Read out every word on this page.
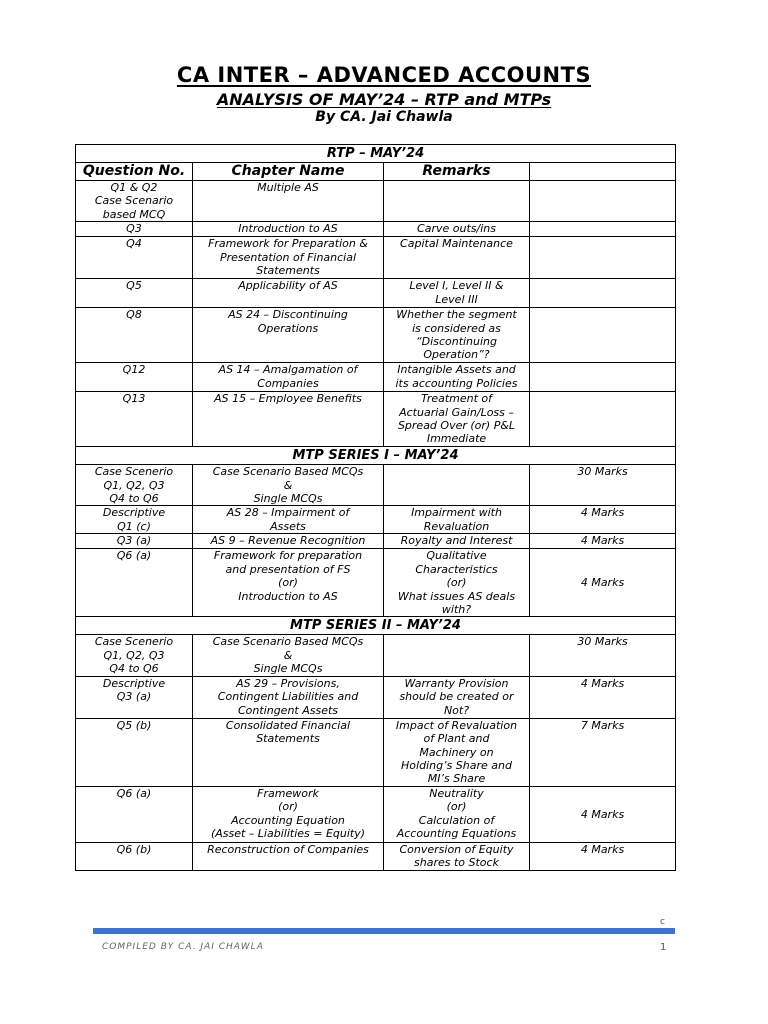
CA INTER – ADVANCED ACCOUNTS
ANALYSIS OF MAY’24 – RTP and MTPs
By CA. Jai Chawla
RTP – MAY’24			
Question No.	Chapter Name	Remarks	

Q1 & Q2
Case Scenario
based MCQ	Multiple AS		

Q3	Introduction to AS	Carve outs/ins	

Q4	Framework for Preparation &
Presentation of Financial
Statements	Capital Maintenance	

Q5	Applicability of AS	Level I, Level II &
Level III	

Q8	AS 24 – Discontinuing
Operations	Whether the segment
is considered as
“Discontinuing
Operation”?	

Q12	AS 14 – Amalgamation of
Companies	Intangible Assets and
its accounting Policies	

Q13	AS 15 – Employee Benefits	Treatment of
Actuarial Gain/Loss –
Spread Over (or) P&L
Immediate	

MTP SERIES I – MAY’24			

Case Scenerio
Q1, Q2, Q3
Q4 to Q6	Case Scenario Based MCQs
&
Single MCQs		30 Marks

Descriptive
Q1 (c)	AS 28 – Impairment of
Assets	Impairment with
Revaluation	4 Marks

Q3 (a)	AS 9 – Revenue Recognition	Royalty and Interest	4 Marks

Q6 (a)	Framework for preparation
and presentation of FS
(or)
Introduction to AS	Qualitative
Characteristics
(or)
What issues AS deals
with?	4 Marks

MTP SERIES II – MAY’24			

Case Scenerio
Q1, Q2, Q3
Q4 to Q6	Case Scenario Based MCQs
&
Single MCQs		30 Marks

Descriptive
Q3 (a)	AS 29 – Provisions,
Contingent Liabilities and
Contingent Assets	Warranty Provision
should be created or
Not?	4 Marks

Q5 (b)	Consolidated Financial
Statements	Impact of Revaluation
of Plant and
Machinery on
Holding’s Share and
MI’s Share	7 Marks

Q6 (a)	Framework
(or)
Accounting Equation
(Asset – Liabilities = Equity)	Neutrality
(or)
Calculation of
Accounting Equations	4 Marks

Q6 (b)	Reconstruction of Companies	Conversion of Equity
shares to Stock	4 Marks
c
COMPILED BY CA. JAI CHAWLA	1
